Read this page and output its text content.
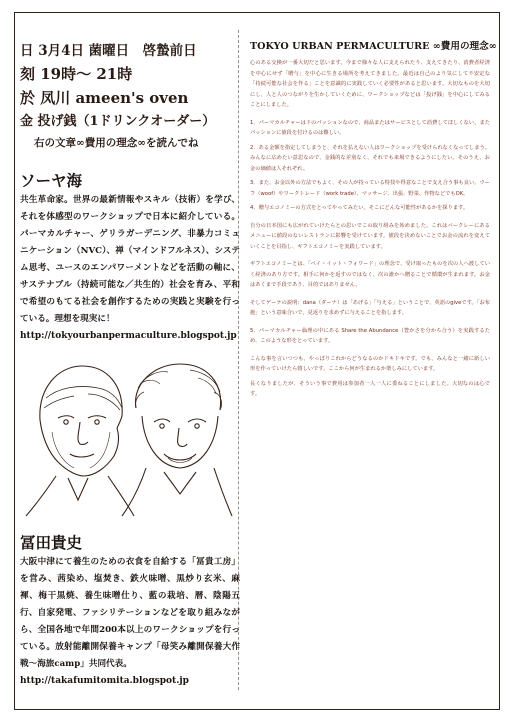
日 3月4日 菌曜日　啓蟄前日
刻 19時〜 21時
於 凤川 ameen's oven
金 投げ銭（1ドリンクオーダー）
右の文章∞費用の理念∞を読んでね
ソーヤ海

共生革命家。世界の最新情報やスキル（技術）を学び、それを体感型のワークショップで日本に紹介している。パーマカルチャー、ゲリラガーデニング、非暴力コミュニケーション（NVC）、禅（マインドフルネス）、システム思考、ユースのエンパワーメントなどを活動の軸に、サステナブル（持続可能な／共生的）社会を育み、平和で希望のもてる社会を創作するための実践と実験を行っている。理想を現実に！

http://tokyourbanpermaculture.blogspot.jp

冨田貴史

大阪中津にて養生のための衣食を自給する「冨貴工房」を営み、茜染め、塩焚き、鉄火味噌、黒炒り玄米、麻褌、梅干黒焼、養生味噌仕り、藍の栽培、暦、陰陽五行、自家発電、ファシリテーションなどを取り組みながら、全国各地で年間200本以上のワークショップを行っている。放射能離開保養キャンプ「母笑み離開保養大作戦〜海旅camp」共同代表。

http://takafumitomita.blogspot.jp

TOKYO URBAN PERMACULTURE ∞費用の理念∞

心のある交換が一番大切だと思います。今まで様々な人に支えられたり、支えてきたり、消費者経済を中心にせず「贈与」を中心に生きる場所を考えてきました。最近は自己のより気にして不安定な「持続可能な社会を作る」ことを意識的に実践していく必要性があると思います。大切なものを大切にし、人と人のつながりを生かしていくために、ワークショップなどは「投げ銭」を中心にしてみることにしました。

1．パーマカルチャーはドのパッションなので、商品またはサービスとして消費してほしくない。またパッションに値段を付けるのは難しい。

2．ある金額を指定してしまうと、それを払えない人はワークショップを受けられなくなってしまう。みんなに広めたい意思なので、金銭的な差別なく、それでも来場できるようにしたい。そのうえ、お金の価値は人それぞれ。

3．また、お金以外の方法でもよく、その人が持っている特技や得意なことで支え合う事も良い。ウーフ（woof）やワークトレード（work trade）、マッサージ、出張、野菜、作物などでもOK。

4．贈与エコノミーの方式をとってやってみたい。そこにどんな可能性があるかを探ります。

自分の日本国にも広がれていけたらとの思いでこの取り組みを始めました。これはバークレーにあるメニューに値段のないレストランに影響を受けています。値段を決めないことでお金の流れを変えていくことを目指し、ギフトエコノミーを実践しています。

ギフトエコノミーとは、「ペイ・イット・フォワード」の理念で、受け取ったものを次の人へ渡していく経済のあり方です。相手に何かを返すのではなく、次の誰かへ贈ることで循環が生まれます。お金はあくまで手段であり、目的ではありません。

そしてゲーテの説明：dana（ダーナ）は「あげる」「与える」ということで、英語のgiveです。「お布施」という意味合いで、見返りを求めずに与えることを指します。

5．パーマカルチャー倫理の中にある Share the Abundance（豊かさを分かち合う）を実践するため、このような形をとっています。

こんな事を言いつつも、やっぱりこれからどうなるのかドキドキです。でも、みんなと一緒に新しい形を作っていけたら嬉しいです。ここから何が生まれるか楽しみにしています。

長くなりましたが、そういう事で費用は参加者一人一人に委ねることにしました。大切なのは心です。
